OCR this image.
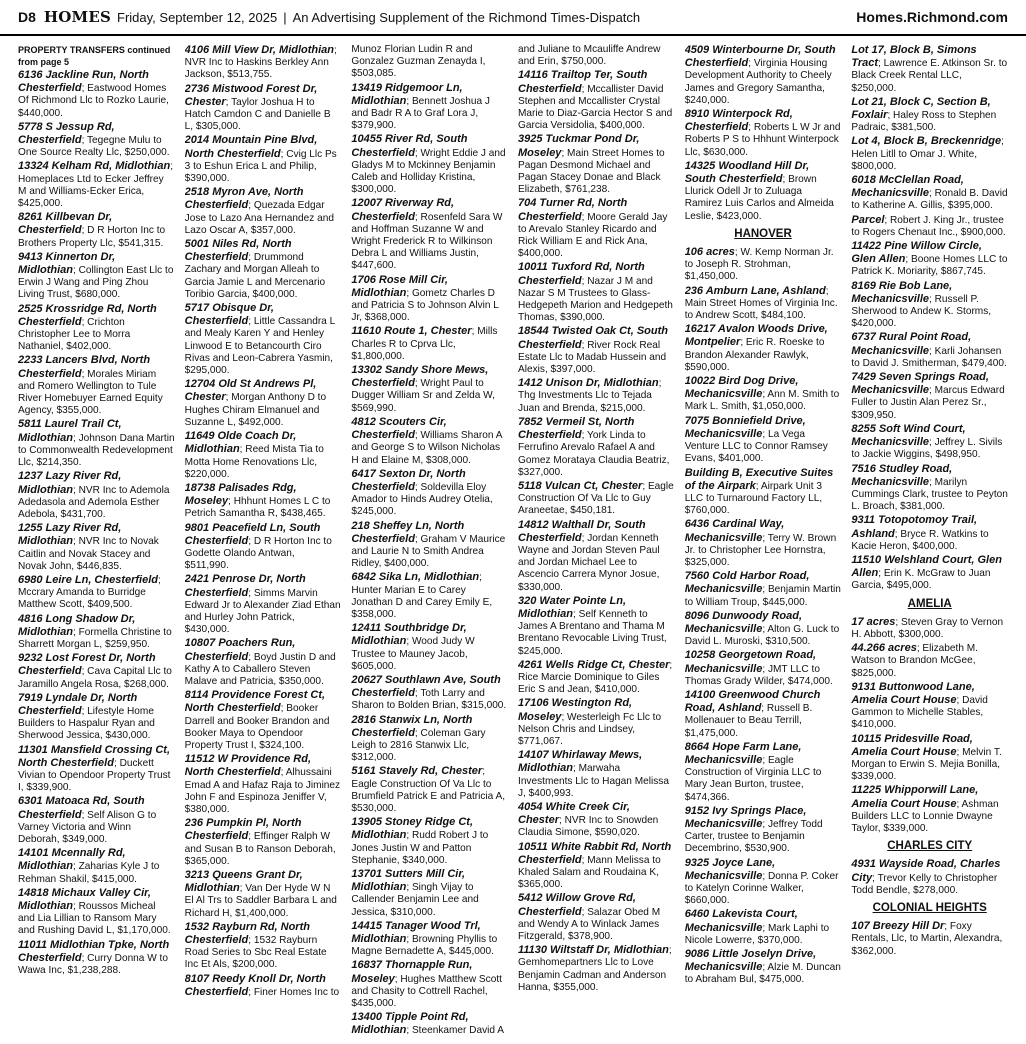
D8 HOMES Friday, September 12, 2025 | An Advertising Supplement of the Richmond Times-Dispatch	Homes.Richmond.com
PROPERTY TRANSFERS continued from page 5
6136 Jackline Run, North Chesterfield; Eastwood Homes Of Richmond Llc to Rozko Laurie, $440,000.
5778 S Jessup Rd, Chesterfield; Tegegne Mulu to One Source Realty Llc, $250,000.
13324 Kelham Rd, Midlothian; Homeplaces Ltd to Ecker Jeffrey M and Williams-Ecker Erica, $425,000.
8261 Killbevan Dr, Chesterfield; D R Horton Inc to Brothers Property Llc, $541,315.
9413 Kinnerton Dr, Midlothian; Collington East Llc to Erwin J Wang and Ping Zhou Living Trust, $680,000.
2525 Krossridge Rd, North Chesterfield; Crichton Christopher Lee to Morra Nathaniel, $402,000.
2233 Lancers Blvd, North Chesterfield; Morales Miriam and Romero Wellington to Tule River Homebuyer Earned Equity Agency, $355,000.
5811 Laurel Trail Ct, Midlothian; Johnson Dana Martin to Commonwealth Redevelopment Llc, $214,350.
1237 Lazy River Rd, Midlothian; NVR Inc to Ademola Adedasola and Ademola Esther Adebola, $431,700.
1255 Lazy River Rd, Midlothian; NVR Inc to Novak Caitlin and Novak Stacey and Novak John, $446,835.
6980 Leire Ln, Chesterfield; Mccrary Amanda to Burridge Matthew Scott, $409,500.
4816 Long Shadow Dr, Midlothian; Formella Christine to Sharrett Morgan L, $259,950.
9232 Lost Forest Dr, North Chesterfield; Cava Capital Llc to Jaramillo Angela Rosa, $268,000.
7919 Lyndale Dr, North Chesterfield; Lifestyle Home Builders to Haspalur Ryan and Sherwood Jessica, $430,000.
11301 Mansfield Crossing Ct, North Chesterfield; Duckett Vivian to Opendoor Property Trust I, $339,900.
6301 Matoaca Rd, South Chesterfield; Self Alison G to Varney Victoria and Winn Deborah, $349,000.
14101 Mcennally Rd, Midlothian; Zaharias Kyle J to Rehman Shakil, $415,000.
14818 Michaux Valley Cir, Midlothian; Roussos Micheal and Lia Lillian to Ransom Mary and Rushing David L, $1,170,000.
11011 Midlothian Tpke, North Chesterfield; Curry Donna W to Wawa Inc, $1,238,288.
4106 Mill View Dr, Midlothian; NVR Inc to Haskins Berkley Ann Jackson, $513,755.
2736 Mistwood Forest Dr, Chester; Taylor Joshua H to Hatch Camdon C and Danielle B L, $305,000.
2014 Mountain Pine Blvd, North Chesterfield; Cvig Llc Ps 3 to Eshun Erica L and Philip, $390,000.
2518 Myron Ave, North Chesterfield; Quezada Edgar Jose to Lazo Ana Hernandez and Lazo Oscar A, $357,000.
5001 Niles Rd, North Chesterfield; Drummond Zachary and Morgan Alleah to Garcia Jamie L and Mercenario Toribio Garcia, $400,000.
5717 Obisque Dr, Chesterfield; Little Cassandra L and Mealy Karen Y and Henley Linwood E to Betancourth Ciro Rivas and Leon-Cabrera Yasmin, $295,000.
12704 Old St Andrews Pl, Chester; Morgan Anthony D to Hughes Chiram Elmanuel and Suzanne L, $492,000.
11649 Olde Coach Dr, Midlothian; Reed Mista Tia to Motta Home Renovations Llc, $220,000.
18738 Palisades Rdg, Moseley; Hhhunt Homes L C to Petrich Samantha R, $438,465.
9801 Peacefield Ln, South Chesterfield; D R Horton Inc to Godette Olando Antwan, $511,990.
2421 Penrose Dr, North Chesterfield; Simms Marvin Edward Jr to Alexander Ziad Ethan and Hurley John Patrick, $430,000.
10807 Poachers Run, Chesterfield; Boyd Justin D and Kathy A to Caballero Steven Malave and Patricia, $350,000.
8114 Providence Forest Ct, North Chesterfield; Booker Darrell and Booker Brandon and Booker Maya to Opendoor Property Trust I, $324,100.
11512 W Providence Rd, North Chesterfield; Alhussaini Emad A and Hafaz Raja to Jiminez John F and Espinoza Jeniffer V, $380,000.
236 Pumpkin Pl, North Chesterfield; Effinger Ralph W and Susan B to Ranson Deborah, $365,000.
3213 Queens Grant Dr, Midlothian; Van Der Hyde W N El Al Trs to Saddler Barbara L and Richard H, $1,400,000.
1532 Rayburn Rd, North Chesterfield; 1532 Rayburn Road Series to Sbc Real Estate Inc Et Als, $200,000.
8107 Reedy Knoll Dr, North Chesterfield; Finer Homes Inc to
Munoz Florian Ludin R and Gonzalez Guzman Zenayda I, $503,085.
13419 Ridgemoor Ln, Midlothian; Bennett Joshua J and Badr R A to Graf Lora J, $379,900.
10455 River Rd, South Chesterfield; Wright Eddie J and Gladys M to Mckinney Benjamin Caleb and Holliday Kristina, $300,000.
12007 Riverway Rd, Chesterfield; Rosenfeld Sara W and Hoffman Suzanne W and Wright Frederick R to Wilkinson Debra L and Williams Justin, $447,600.
1706 Rose Mill Cir, Midlothian; Gometz Charles D and Patricia S to Johnson Alvin L Jr, $368,000.
11610 Route 1, Chester; Mills Charles R to Cprva Llc, $1,800,000.
13302 Sandy Shore Mews, Chesterfield; Wright Paul to Dugger William Sr and Zelda W, $569,990.
4812 Scouters Cir, Chesterfield; Williams Sharon A and George S to Wilson Nicholas H and Elaine M, $308,000.
6417 Sexton Dr, North Chesterfield; Soldevilla Eloy Amador to Hinds Audrey Otelia, $245,000.
218 Sheffey Ln, North Chesterfield; Graham V Maurice and Laurie N to Smith Andrea Ridley, $400,000.
6842 Sika Ln, Midlothian; Hunter Marian E to Carey Jonathan D and Carey Emily E, $358,000.
12411 Southbridge Dr, Midlothian; Wood Judy W Trustee to Mauney Jacob, $605,000.
20627 Southlawn Ave, South Chesterfield; Toth Larry and Sharon to Bolden Brian, $315,000.
2816 Stanwix Ln, North Chesterfield; Coleman Gary Leigh to 2816 Stanwix Llc, $312,000.
5161 Stavely Rd, Chester; Eagle Construction Of Va Llc to Brumfield Patrick E and Patricia A, $530,000.
13905 Stoney Ridge Ct, Midlothian; Rudd Robert J to Jones Justin W and Patton Stephanie, $340,000.
13701 Sutters Mill Cir, Midlothian; Singh Vijay to Callender Benjamin Lee and Jessica, $310,000.
14415 Tanager Wood Trl, Midlothian; Browning Phyllis to Magne Bernadette A, $445,000.
16837 Thornapple Run, Moseley; Hughes Matthew Scott and Chasity to Cottrell Rachel, $435,000.
13400 Tipple Point Rd, Midlothian; Steenkamer David A
and Juliane to Mcauliffe Andrew and Erin, $750,000.
14116 Trailtop Ter, South Chesterfield; Mccallister David Stephen and Mccallister Crystal Marie to Diaz-Garcia Hector S and Garcia Versidolia, $400,000.
3925 Tuckmar Pond Dr, Moseley; Main Street Homes to Pagan Desmond Michael and Pagan Stacey Donae and Black Elizabeth, $761,238.
704 Turner Rd, North Chesterfield; Moore Gerald Jay to Arevalo Stanley Ricardo and Rick William E and Rick Ana, $400,000.
10011 Tuxford Rd, North Chesterfield; Nazar J M and Nazar S M Trustees to Glass-Hedgepeth Marion and Hedgepeth Thomas, $390,000.
18544 Twisted Oak Ct, South Chesterfield; River Rock Real Estate Llc to Madab Hussein and Alexis, $397,000.
1412 Unison Dr, Midlothian; Thg Investments Llc to Tejada Juan and Brenda, $215,000.
7852 Vermeil St, North Chesterfield; York Linda to Ferrufino Arevalo Rafael A and Gomez Morataya Claudia Beatriz, $327,000.
5118 Vulcan Ct, Chester; Eagle Construction Of Va Llc to Guy Araneetae, $450,181.
14812 Walthall Dr, South Chesterfield; Jordan Kenneth Wayne and Jordan Steven Paul and Jordan Michael Lee to Ascencio Carrera Mynor Josue, $330,000.
320 Water Pointe Ln, Midlothian; Self Kenneth to James A Brentano and Thama M Brentano Revocable Living Trust, $245,000.
4261 Wells Ridge Ct, Chester; Rice Marcie Dominique to Giles Eric S and Jean, $410,000.
17106 Westington Rd, Moseley; Westerleigh Fc Llc to Nelson Chris and Lindsey, $771,067.
14107 Whirlaway Mews, Midlothian; Marwaha Investments Llc to Hagan Melissa J, $400,993.
4054 White Creek Cir, Chester; NVR Inc to Snowden Claudia Simone, $590,020.
10511 White Rabbit Rd, North Chesterfield; Mann Melissa to Khaled Salam and Roudaina K, $365,000.
5412 Willow Grove Rd, Chesterfield; Salazar Obed M and Wendy A to Winlack James Fitzgerald, $378,900.
11130 Wiltstaff Dr, Midlothian; Gemhomepartners Llc to Love Benjamin Cadman and Anderson Hanna, $355,000.
4509 Winterbourne Dr, South Chesterfield; Virginia Housing Development Authority to Cheely James and Gregory Samantha, $240,000.
8910 Winterpock Rd, Chesterfield; Roberts L W Jr and Roberts P S to Hhhunt Winterpock Llc, $630,000.
14325 Woodland Hill Dr, South Chesterfield; Brown Llurick Odell Jr to Zuluaga Ramirez Luis Carlos and Almeida Leslie, $423,000.
HANOVER
106 acres; W. Kemp Norman Jr. to Joseph R. Strohman, $1,450,000.
236 Amburn Lane, Ashland; Main Street Homes of Virginia Inc. to Andrew Scott, $484,100.
16217 Avalon Woods Drive, Montpelier; Eric R. Roeske to Brandon Alexander Rawlyk, $590,000.
10022 Bird Dog Drive, Mechanicsville; Ann M. Smith to Mark L. Smith, $1,050,000.
7075 Bonniefield Drive, Mechanicsville; La Vega Venture LLC to Connor Ramsey Evans, $401,000.
Building B, Executive Suites of the Airpark; Airpark Unit 3 LLC to Turnaround Factory LL, $760,000.
6436 Cardinal Way, Mechanicsville; Terry W. Brown Jr. to Christopher Lee Hornstra, $325,000.
7560 Cold Harbor Road, Mechanicsville; Benjamin Martin to William Troup, $445,000.
8096 Dunwoody Road, Mechanicsville; Alton G. Luck to David L. Muroski, $310,500.
10258 Georgetown Road, Mechanicsville; JMT LLC to Thomas Grady Wilder, $474,000.
14100 Greenwood Church Road, Ashland; Russell B. Mollenauer to Beau Terrill, $1,475,000.
8664 Hope Farm Lane, Mechanicsville; Eagle Construction of Virginia LLC to Mary Jean Burton, trustee, $474,366.
9152 Ivy Springs Place, Mechanicsville; Jeffrey Todd Carter, trustee to Benjamin Decembrino, $530,900.
9325 Joyce Lane, Mechanicsville; Donna P. Coker to Katelyn Corinne Walker, $660,000.
6460 Lakevista Court, Mechanicsville; Mark Laphi to Nicole Lowerre, $370,000.
9086 Little Joselyn Drive, Mechanicsville; Alzie M. Duncan to Abraham Bul, $475,000.
Lot 17, Block B, Simons Tract; Lawrence E. Atkinson Sr. to Black Creek Rental LLC, $250,000.
Lot 21, Block C, Section B, Foxlair; Haley Ross to Stephen Padraic, $381,500.
Lot 4, Block B, Breckenridge; Helen Litll to Omar J. White, $800,000.
6018 McClellan Road, Mechanicsville; Ronald B. David to Katherine A. Gillis, $395,000.
Parcel; Robert J. King Jr., trustee to Rogers Chenaut Inc., $900,000.
11422 Pine Willow Circle, Glen Allen; Boone Homes LLC to Patrick K. Moriarity, $867,745.
8169 Rie Bob Lane, Mechanicsville; Russell P. Sherwood to Andew K. Storms, $420,000.
6737 Rural Point Road, Mechanicsville; Karli Johansen to David J. Smitherman, $479,400.
7429 Seven Springs Road, Mechanicsville; Marcus Edward Fuller to Justin Alan Perez Sr., $309,950.
8255 Soft Wind Court, Mechanicsville; Jeffrey L. Sivils to Jackie Wiggins, $498,950.
7516 Studley Road, Mechanicsville; Marilyn Cummings Clark, trustee to Peyton L. Broach, $381,000.
9311 Totopotomoy Trail, Ashland; Bryce R. Watkins to Kacie Heron, $400,000.
11510 Welshland Court, Glen Allen; Erin K. McGraw to Juan Garcia, $495,000.
AMELIA
17 acres; Steven Gray to Vernon H. Abbott, $300,000.
44.266 acres; Elizabeth M. Watson to Brandon McGee, $825,000.
9131 Buttonwood Lane, Amelia Court House; David Gammon to Michelle Stables, $410,000.
10115 Pridesville Road, Amelia Court House; Melvin T. Morgan to Erwin S. Mejia Bonilla, $339,000.
11225 Whipporwill Lane, Amelia Court House; Ashman Builders LLC to Lonnie Dwayne Taylor, $339,000.
CHARLES CITY
4931 Wayside Road, Charles City; Trevor Kelly to Christopher Todd Bendle, $278,000.
COLONIAL HEIGHTS
107 Breezy Hill Dr; Foxy Rentals, Llc, to Martin, Alexandra, $362,000.
